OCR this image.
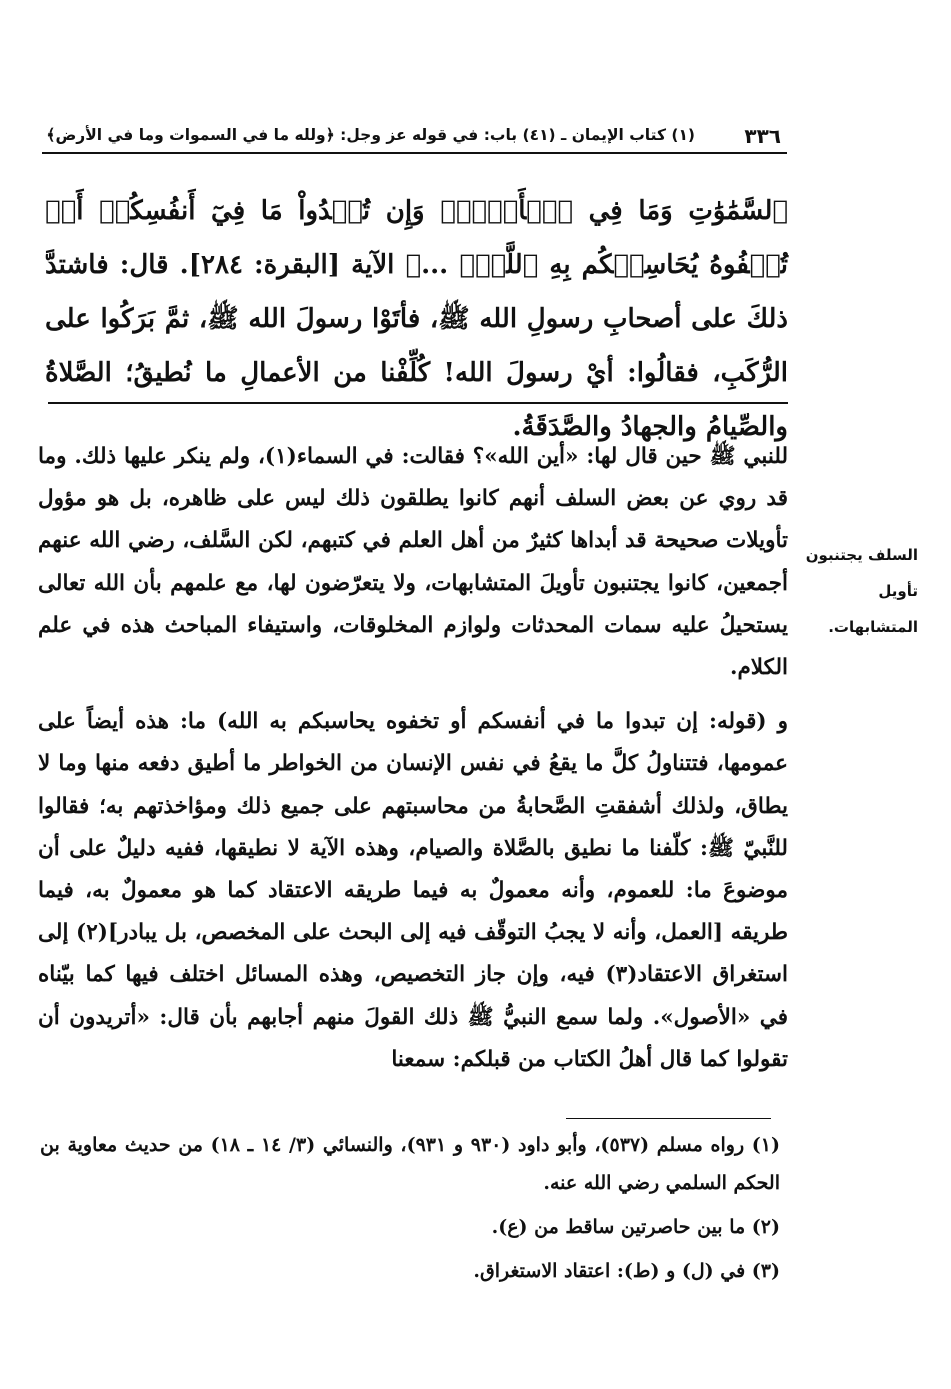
٣٣٦
(١) كتاب الإيمان ـ (٤١) باب: في قوله عز وجل: ﴿ولله ما في السموات وما في الأرض﴾
ٱلسَّمَٰوَٰتِ وَمَا فِي ٱلۡأَرۡضِۗ وَإِن تُبۡدُواْ مَا فِيٓ أَنفُسِكُمۡ أَوۡ تُخۡفُوهُ يُحَاسِبۡكُم بِهِ ٱللَّهُۖ ...﴾ الآية [البقرة: ٢٨٤]. قال: فاشتدَّ ذلكَ على أصحابِ رسولِ الله ﷺ، فأتَوْا رسولَ الله ﷺ، ثمَّ بَرَكُوا على الرُّكَبِ، فقالُوا: أيْ رسولَ الله! كُلِّفْنا من الأعمالِ ما نُطيقُ؛ الصَّلاةُ والصِّيامُ والجهادُ والصَّدَقَةُ.

للنبي ﷺ حين قال لها: «أين الله»؟ فقالت: في السماء(١)، ولم ينكر عليها ذلك. وما قد روي عن بعض السلف أنهم كانوا يطلقون ذلك ليس على ظاهره، بل هو مؤول تأويلات صحيحة قد أبداها كثيرٌ من أهل العلم في كتبهم، لكن السَّلف، رضي الله عنهم أجمعين، كانوا يجتنبون تأويلَ المتشابهات، ولا يتعرّضون لها، مع علمهم بأن الله تعالى يستحيلُ عليه سمات المحدثات ولوازم المخلوقات، واستيفاء المباحث هذه في علم الكلام.

و (قوله: إن تبدوا ما في أنفسكم أو تخفوه يحاسبكم به الله) ما: هذه أيضاً على عمومها، فتتناولُ كلَّ ما يقعُ في نفس الإنسان من الخواطر ما أطيق دفعه منها وما لا يطاق، ولذلك أشفقتِ الصَّحابةُ من محاسبتهم على جميع ذلك ومؤاخذتهم به؛ فقالوا للنَّبيّ ﷺ: كلّفنا ما نطيق بالصَّلاة والصيام، وهذه الآية لا نطيقها، ففيه دليلٌ على أن موضوعَ ما: للعموم، وأنه معمولٌ به فيما طريقه الاعتقاد كما هو معمولٌ به، فيما طريقه [العمل، وأنه لا يجبُ التوقّف فيه إلى البحث على المخصص، بل يبادر](٢) إلى استغراق الاعتقاد(٣) فيه، وإن جاز التخصيص، وهذه المسائل اختلف فيها كما بيّناه في «الأصول». ولما سمع النبيُّ ﷺ ذلك القولَ منهم أجابهم بأن قال: «أتريدون أن تقولوا كما قال أهلُ الكتاب من قبلكم: سمعنا

السلف يجتنبون
تأويل
المتشابهات.

(١) رواه مسلم (٥٣٧)، وأبو داود (٩٣٠ و ٩٣١)، والنسائي (٣/ ١٤ ـ ١٨) من حديث معاوية بن الحكم السلمي رضي الله عنه.

(٢) ما بين حاصرتين ساقط من (ع).

(٣) في (ل) و (ط): اعتقاد الاستغراق.
